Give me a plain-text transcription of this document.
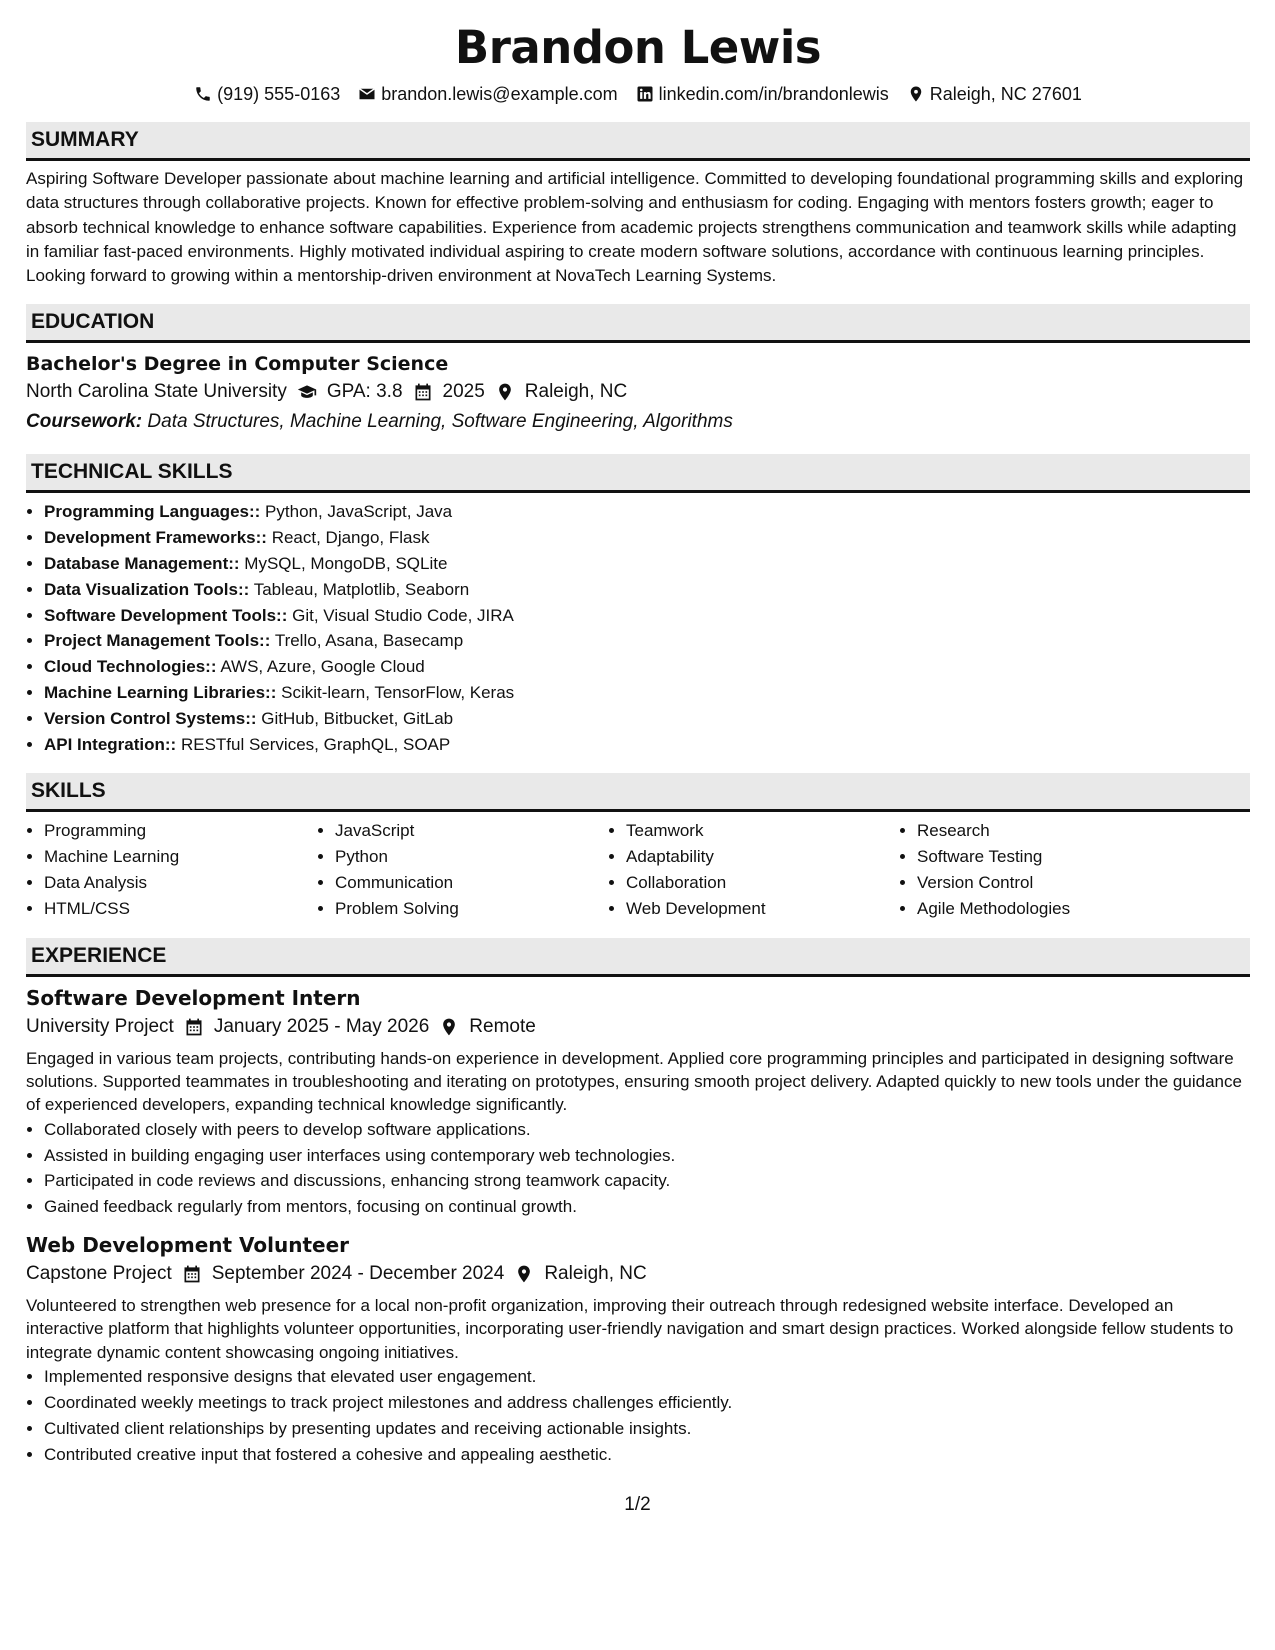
Brandon Lewis
(919) 555-0163 brandon.lewis@example.com linkedin.com/in/brandonlewis Raleigh, NC 27601
SUMMARY

Aspiring Software Developer passionate about machine learning and artificial intelligence. Committed to developing foundational programming skills and exploring data structures through collaborative projects. Known for effective problem-solving and enthusiasm for coding. Engaging with mentors fosters growth; eager to absorb technical knowledge to enhance software capabilities. Experience from academic projects strengthens communication and teamwork skills while adapting in familiar fast-paced environments. Highly motivated individual aspiring to create modern software solutions, accordance with continuous learning principles. Looking forward to growing within a mentorship-driven environment at NovaTech Learning Systems.

EDUCATION
Bachelor's Degree in Computer Science
North Carolina State University GPA: 3.8 2025 Raleigh, NC
Coursework: Data Structures, Machine Learning, Software Engineering, Algorithms
TECHNICAL SKILLS
• Programming Languages:: Python, JavaScript, Java
• Development Frameworks:: React, Django, Flask
• Database Management:: MySQL, MongoDB, SQLite
• Data Visualization Tools:: Tableau, Matplotlib, Seaborn
• Software Development Tools:: Git, Visual Studio Code, JIRA
• Project Management Tools:: Trello, Asana, Basecamp
• Cloud Technologies:: AWS, Azure, Google Cloud
• Machine Learning Libraries:: Scikit-learn, TensorFlow, Keras
• Version Control Systems:: GitHub, Bitbucket, GitLab
• API Integration:: RESTful Services, GraphQL, SOAP
SKILLS
• Programming
• Machine Learning
• Data Analysis
• HTML/CSS
• JavaScript
• Python
• Communication
• Problem Solving
• Teamwork
• Adaptability
• Collaboration
• Web Development
• Research
• Software Testing
• Version Control
• Agile Methodologies
EXPERIENCE
Software Development Intern
University Project January 2025 - May 2026 Remote

Engaged in various team projects, contributing hands-on experience in development. Applied core programming principles and participated in designing software solutions. Supported teammates in troubleshooting and iterating on prototypes, ensuring smooth project delivery. Adapted quickly to new tools under the guidance of experienced developers, expanding technical knowledge significantly.

• Collaborated closely with peers to develop software applications.
• Assisted in building engaging user interfaces using contemporary web technologies.
• Participated in code reviews and discussions, enhancing strong teamwork capacity.
• Gained feedback regularly from mentors, focusing on continual growth.
Web Development Volunteer
Capstone Project September 2024 - December 2024 Raleigh, NC

Volunteered to strengthen web presence for a local non-profit organization, improving their outreach through redesigned website interface. Developed an interactive platform that highlights volunteer opportunities, incorporating user-friendly navigation and smart design practices. Worked alongside fellow students to integrate dynamic content showcasing ongoing initiatives.

• Implemented responsive designs that elevated user engagement.
• Coordinated weekly meetings to track project milestones and address challenges efficiently.
• Cultivated client relationships by presenting updates and receiving actionable insights.
• Contributed creative input that fostered a cohesive and appealing aesthetic.
1/2
